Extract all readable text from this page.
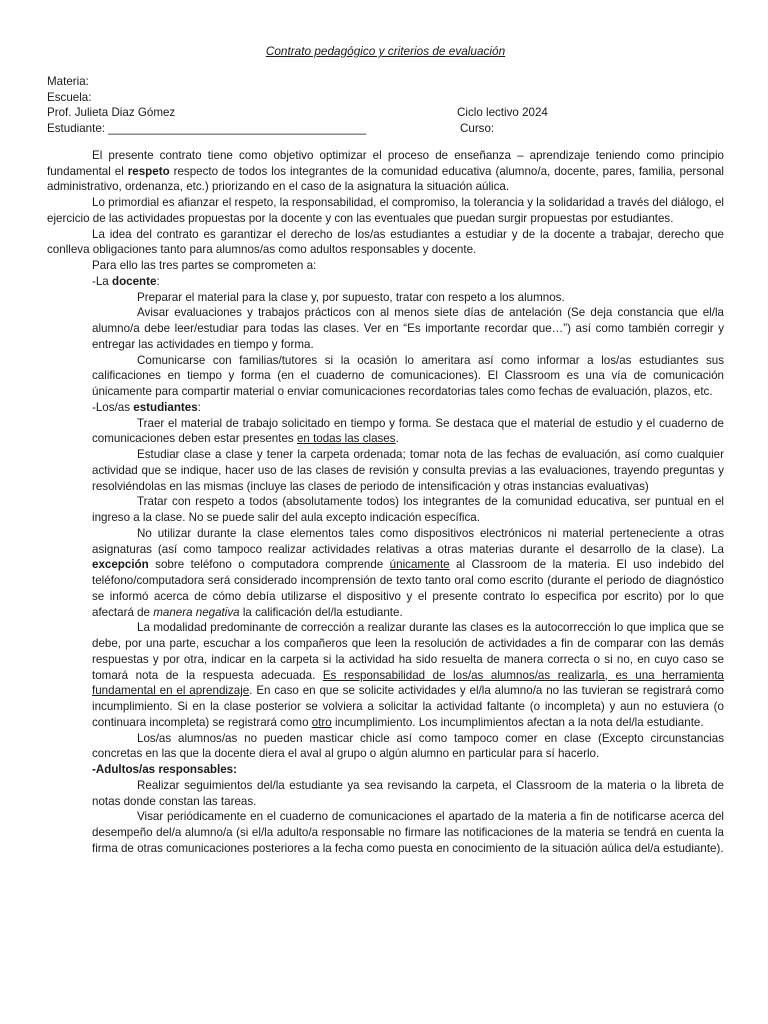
Contrato pedagógico y criterios de evaluación
Materia:
Escuela:
Prof. Julieta Diaz Gómez	Ciclo lectivo 2024
Estudiante: ________________________________________	Curso:

El presente contrato tiene como objetivo optimizar el proceso de enseñanza – aprendizaje teniendo como principio fundamental el respeto respecto de todos los integrantes de la comunidad educativa (alumno/a, docente, pares, familia, personal administrativo, ordenanza, etc.) priorizando en el caso de la asignatura la situación aúlica.

Lo primordial es afianzar el respeto, la responsabilidad, el compromiso, la tolerancia y la solidaridad a través del diálogo, el ejercicio de las actividades propuestas por la docente y con las eventuales que puedan surgir propuestas por estudiantes.

La idea del contrato es garantizar el derecho de los/as estudiantes a estudiar y de la docente a trabajar, derecho que conlleva obligaciones tanto para alumnos/as como adultos responsables y docente.

Para ello las tres partes se comprometen a:

-La docente:

Preparar el material para la clase y, por supuesto, tratar con respeto a los alumnos.

Avisar evaluaciones y trabajos prácticos con al menos siete días de antelación (Se deja constancia que el/la alumno/a debe leer/estudiar para todas las clases. Ver en “Es importante recordar que…”) así como también corregir y entregar las actividades en tiempo y forma.

Comunicarse con familias/tutores si la ocasión lo ameritara así como informar a los/as estudiantes sus calificaciones en tiempo y forma (en el cuaderno de comunicaciones). El Classroom es una vía de comunicación únicamente para compartir material o enviar comunicaciones recordatorias tales como fechas de evaluación, plazos, etc.

-Los/as estudiantes:

Traer el material de trabajo solicitado en tiempo y forma. Se destaca que el material de estudio y el cuaderno de comunicaciones deben estar presentes en todas las clases.

Estudiar clase a clase y tener la carpeta ordenada; tomar nota de las fechas de evaluación, así como cualquier actividad que se indique, hacer uso de las clases de revisión y consulta previas a las evaluaciones, trayendo preguntas y resolviéndolas en las mismas (incluye las clases de periodo de intensificación y otras instancias evaluativas)

Tratar con respeto a todos (absolutamente todos) los integrantes de la comunidad educativa, ser puntual en el ingreso a la clase. No se puede salir del aula excepto indicación específica.

No utilizar durante la clase elementos tales como dispositivos electrónicos ni material perteneciente a otras asignaturas (así como tampoco realizar actividades relativas a otras materias durante el desarrollo de la clase). La excepción sobre teléfono o computadora comprende únicamente al Classroom de la materia. El uso indebido del teléfono/computadora será considerado incomprensión de texto tanto oral como escrito (durante el periodo de diagnóstico se informó acerca de cómo debía utilizarse el dispositivo y el presente contrato lo especifica por escrito) por lo que afectará de manera negativa la calificación del/la estudiante.

La modalidad predominante de corrección a realizar durante las clases es la autocorrección lo que implica que se debe, por una parte, escuchar a los compañeros que leen la resolución de actividades a fin de comparar con las demás respuestas y por otra, indicar en la carpeta si la actividad ha sido resuelta de manera correcta o si no, en cuyo caso se tomará nota de la respuesta adecuada. Es responsabilidad de los/as alumnos/as realizarla, es una herramienta fundamental en el aprendizaje. En caso en que se solicite actividades y el/la alumno/a no las tuvieran se registrará como incumplimiento. Si en la clase posterior se volviera a solicitar la actividad faltante (o incompleta) y aun no estuviera (o continuara incompleta) se registrará como otro incumplimiento. Los incumplimientos afectan a la nota del/la estudiante.

Los/as alumnos/as no pueden masticar chicle así como tampoco comer en clase (Excepto circunstancias concretas en las que la docente diera el aval al grupo o algún alumno en particular para sí hacerlo.

-Adultos/as responsables:

Realizar seguimientos del/la estudiante ya sea revisando la carpeta, el Classroom de la materia o la libreta de notas donde constan las tareas.

Visar periódicamente en el cuaderno de comunicaciones el apartado de la materia a fin de notificarse acerca del desempeño del/a alumno/a (si el/la adulto/a responsable no firmare las notificaciones de la materia se tendrá en cuenta la firma de otras comunicaciones posteriores a la fecha como puesta en conocimiento de la situación aúlica del/a estudiante).
